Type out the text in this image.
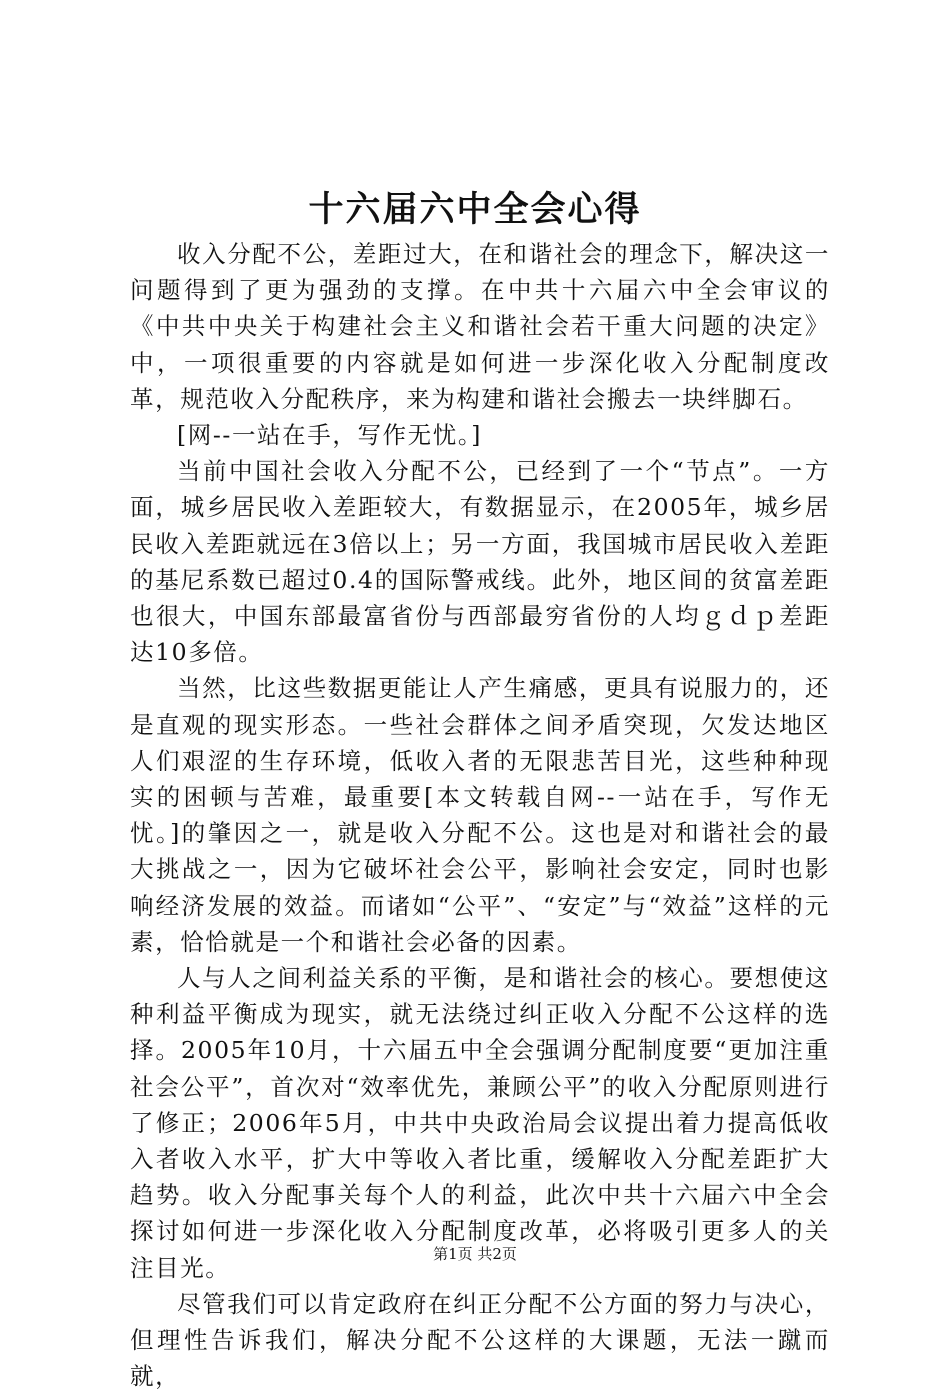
十六届六中全会心得

收入分配不公，差距过大，在和谐社会的理念下，解决这一问题得到了更为强劲的支撑。在中共十六届六中全会审议的《中共中央关于构建社会主义和谐社会若干重大问题的决定》中，一项很重要的内容就是如何进一步深化收入分配制度改革，规范收入分配秩序，来为构建和谐社会搬去一块绊脚石。

[网--一站在手，写作无忧。]

当前中国社会收入分配不公，已经到了一个“节点”。一方面，城乡居民收入差距较大，有数据显示，在2005年，城乡居民收入差距就远在3倍以上；另一方面，我国城市居民收入差距的基尼系数已超过0.4的国际警戒线。此外，地区间的贫富差距也很大，中国东部最富省份与西部最穷省份的人均ｇｄｐ差距达10多倍。

当然，比这些数据更能让人产生痛感，更具有说服力的，还是直观的现实形态。一些社会群体之间矛盾突现，欠发达地区人们艰涩的生存环境，低收入者的无限悲苦目光，这些种种现实的困顿与苦难，最重要[本文转载自网--一站在手，写作无忧。]的肇因之一，就是收入分配不公。这也是对和谐社会的最大挑战之一，因为它破坏社会公平，影响社会安定，同时也影响经济发展的效益。而诸如“公平”、“安定”与“效益”这样的元素，恰恰就是一个和谐社会必备的因素。

人与人之间利益关系的平衡，是和谐社会的核心。要想使这种利益平衡成为现实，就无法绕过纠正收入分配不公这样的选择。2005年10月，十六届五中全会强调分配制度要“更加注重社会公平”，首次对“效率优先，兼顾公平”的收入分配原则进行了修正；2006年5月，中共中央政治局会议提出着力提高低收入者收入水平，扩大中等收入者比重，缓解收入分配差距扩大趋势。收入分配事关每个人的利益，此次中共十六届六中全会探讨如何进一步深化收入分配制度改革，必将吸引更多人的关注目光。

尽管我们可以肯定政府在纠正分配不公方面的努力与决心，但理性告诉我们，解决分配不公这样的大课题，无法一蹴而就，

第1页 共2页
